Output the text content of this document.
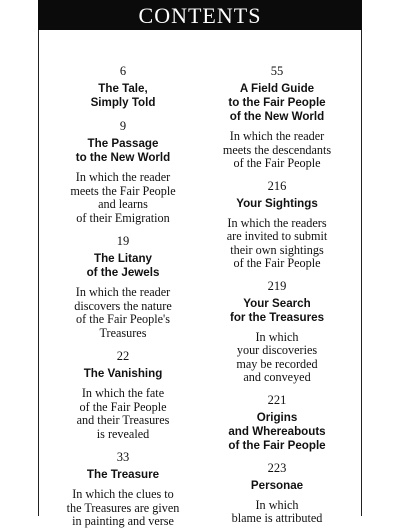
CONTENTS
6
The Tale,
Simply Told
9
The Passage
to the New World
In which the reader
meets the Fair People
and learns
of their Emigration
19
The Litany
of the Jewels
In which the reader
discovers the nature
of the Fair People's
Treasures
22
The Vanishing
In which the fate
of the Fair People
and their Treasures
is revealed
33
The Treasure
In which the clues to
the Treasures are given
in painting and verse
55
A Field Guide
to the Fair People
of the New World
In which the reader
meets the descendants
of the Fair People
216
Your Sightings
In which the readers
are invited to submit
their own sightings
of the Fair People
219
Your Search
for the Treasures
In which
your discoveries
may be recorded
and conveyed
221
Origins
and Whereabouts
of the Fair People
223
Personae
In which
blame is attributed
